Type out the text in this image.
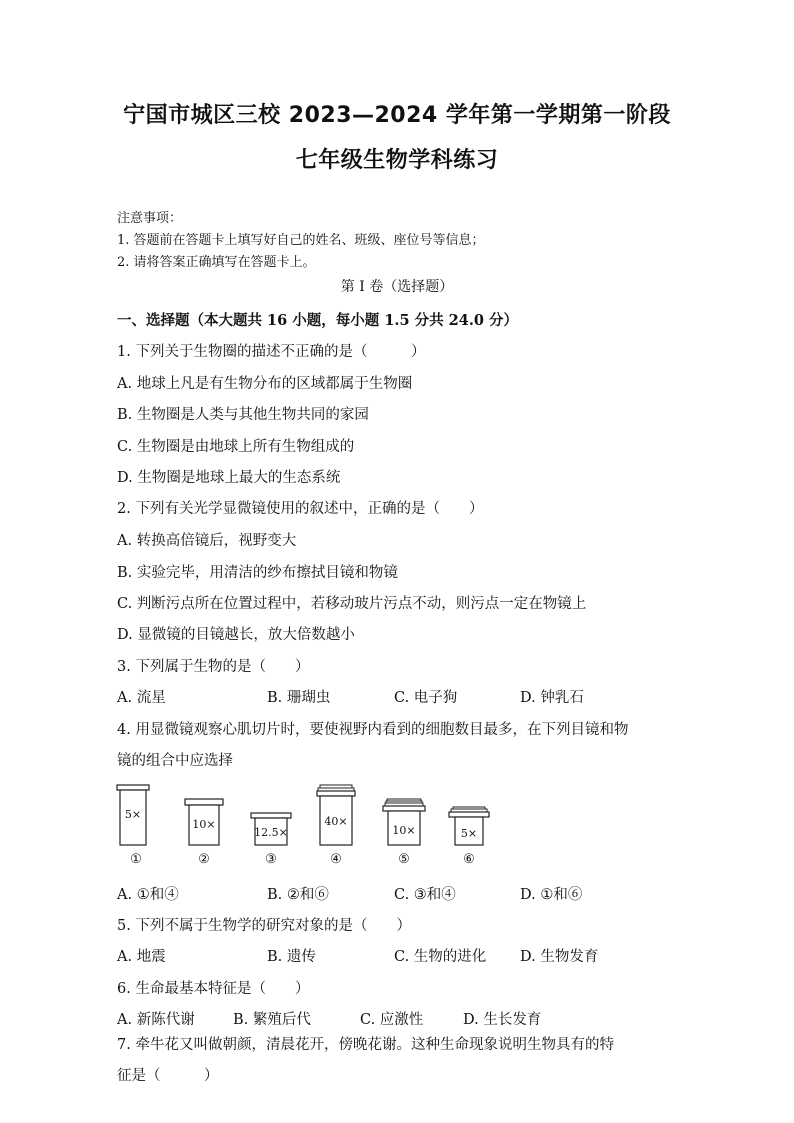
宁国市城区三校 2023—2024 学年第一学期第一阶段
七年级生物学科练习
注意事项：
1. 答题前在答题卡上填写好自己的姓名、班级、座位号等信息；
2. 请将答案正确填写在答题卡上。
第 I 卷（选择题）
一、选择题（本大题共 16 小题，每小题 1.5 分共 24.0 分）
1. 下列关于生物圈的描述不正确的是（　　　）
A. 地球上凡是有生物分布的区域都属于生物圈
B. 生物圈是人类与其他生物共同的家园
C. 生物圈是由地球上所有生物组成的
D. 生物圈是地球上最大的生态系统
2. 下列有关光学显微镜使用的叙述中，正确的是（　　）
A. 转换高倍镜后，视野变大
B. 实验完毕，用清洁的纱布擦拭目镜和物镜
C. 判断污点所在位置过程中，若移动玻片污点不动，则污点一定在物镜上
D. 显微镜的目镜越长，放大倍数越小
3. 下列属于生物的是（　　）
A. 流星	B. 珊瑚虫	C. 电子狗	D. 钟乳石
4. 用显微镜观察心肌切片时，要使视野内看到的细胞数目最多，在下列目镜和物
镜的组合中应选择
5×
①
10×
②
12.5×
③
40×
④
10×
⑤
5×
⑥
A. ①和④	B. ②和⑥	C. ③和④	D. ①和⑥
5. 下列不属于生物学的研究对象的是（　　）
A. 地震	B. 遗传	C. 生物的进化 D. 生物发育
6. 生命最基本特征是（　　）
A. 新陈代谢	B. 繁殖后代	C. 应激性	D. 生长发育
7. 牵牛花又叫做朝颜，清晨花开，傍晚花谢。这种生命现象说明生物具有的特
征是（　　　）
